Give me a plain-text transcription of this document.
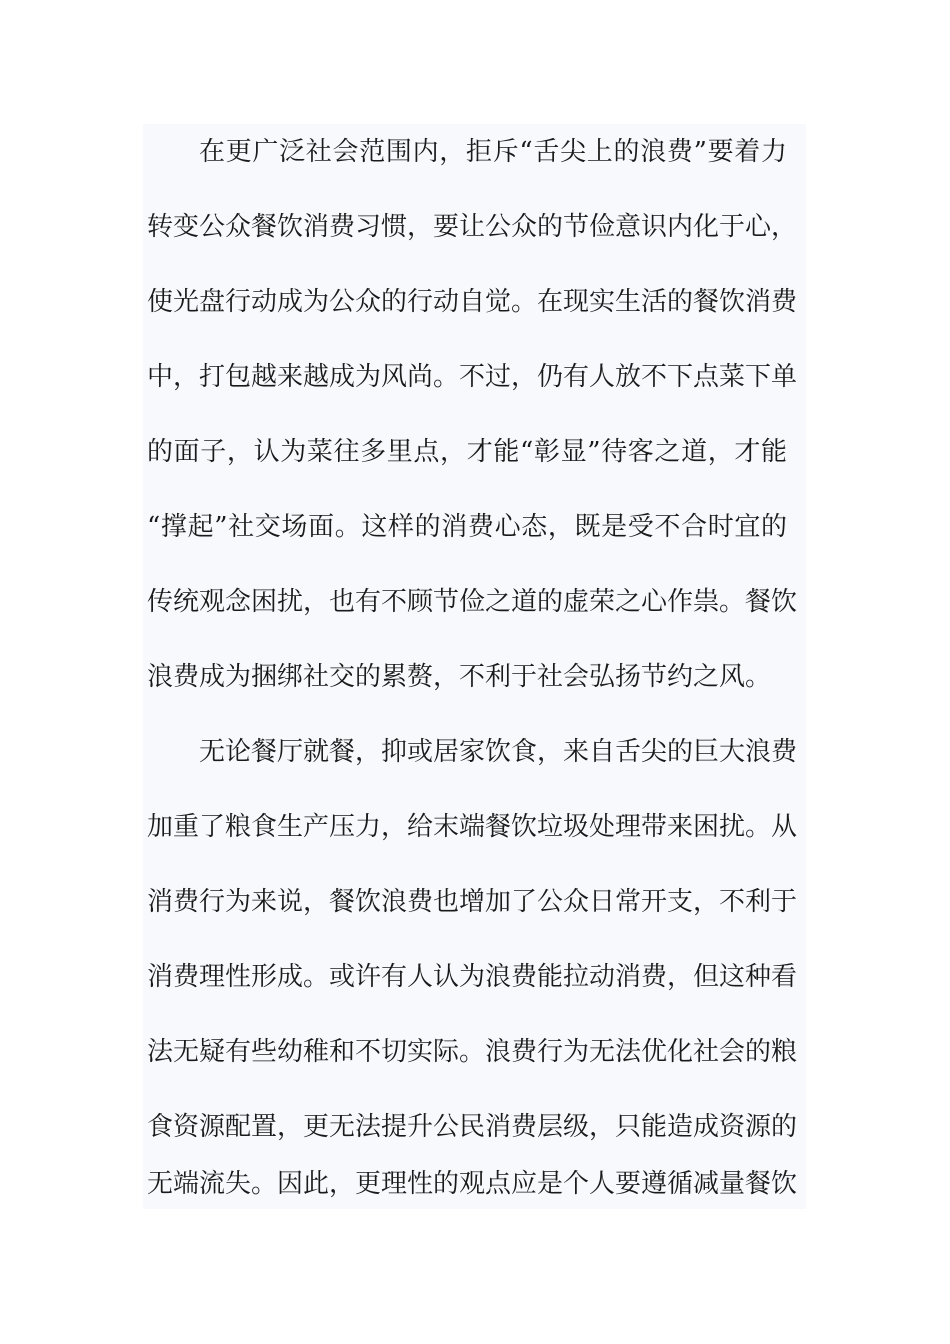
在更广泛社会范围内，拒斥“舌尖上的浪费”要着力
转变公众餐饮消费习惯，要让公众的节俭意识内化于心，
使光盘行动成为公众的行动自觉。在现实生活的餐饮消费
中，打包越来越成为风尚。不过，仍有人放不下点菜下单
的面子，认为菜往多里点，才能“彰显”待客之道，才能
“撑起”社交场面。这样的消费心态，既是受不合时宜的
传统观念困扰，也有不顾节俭之道的虚荣之心作祟。餐饮
浪费成为捆绑社交的累赘，不利于社会弘扬节约之风。
无论餐厅就餐，抑或居家饮食，来自舌尖的巨大浪费
加重了粮食生产压力，给末端餐饮垃圾处理带来困扰。从
消费行为来说，餐饮浪费也增加了公众日常开支，不利于
消费理性形成。或许有人认为浪费能拉动消费，但这种看
法无疑有些幼稚和不切实际。浪费行为无法优化社会的粮
食资源配置，更无法提升公民消费层级，只能造成资源的
无端流失。因此，更理性的观点应是个人要遵循减量餐饮
